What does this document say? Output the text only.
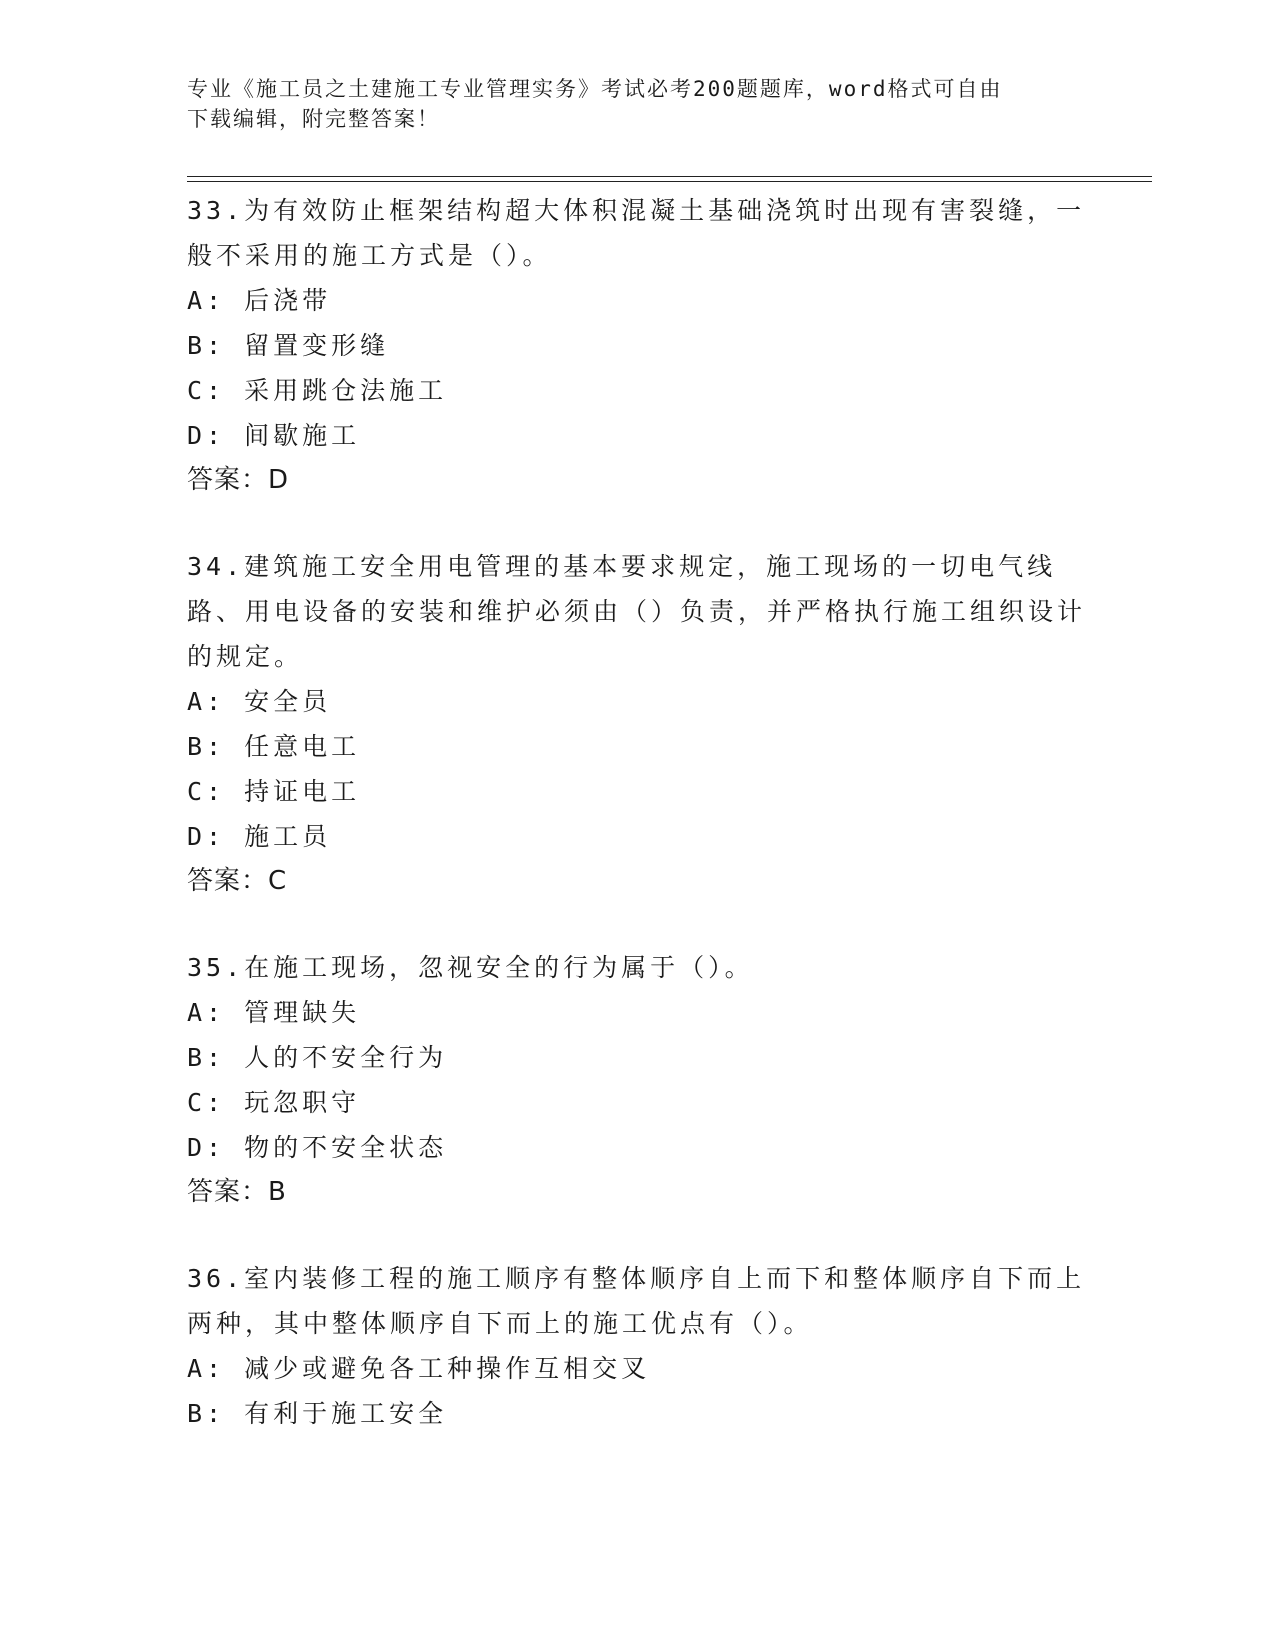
专业《施工员之土建施工专业管理实务》考试必考200题题库，word格式可自由
下载编辑，附完整答案！

33.为有效防止框架结构超大体积混凝土基础浇筑时出现有害裂缝，一般不采用的施工方式是（）。

A: 后浇带

B: 留置变形缝

C: 采用跳仓法施工

D: 间歇施工

答案：D

34.建筑施工安全用电管理的基本要求规定，施工现场的一切电气线路、用电设备的安装和维护必须由（）负责，并严格执行施工组织设计的规定。

A: 安全员

B: 任意电工

C: 持证电工

D: 施工员

答案：C

35.在施工现场，忽视安全的行为属于（）。

A: 管理缺失

B: 人的不安全行为

C: 玩忽职守

D: 物的不安全状态

答案：B

36.室内装修工程的施工顺序有整体顺序自上而下和整体顺序自下而上两种，其中整体顺序自下而上的施工优点有（）。

A: 减少或避免各工种操作互相交叉

B: 有利于施工安全
